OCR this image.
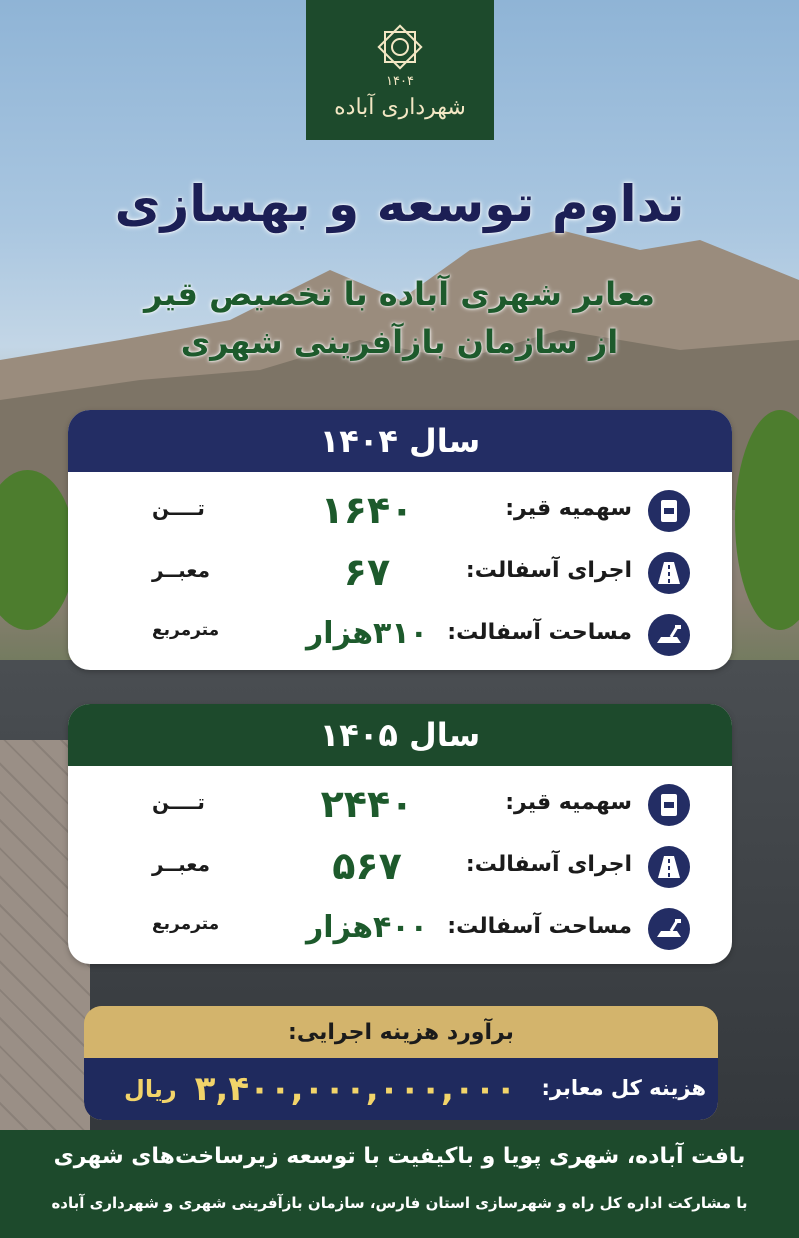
۱۴۰۴
شهرداری آباده
تداوم توسعه و بهسازی
معابر شهری آباده با تخصیص قیر
از سازمان بازآفرینی شهری
سال ۱۴۰۴
سهمیه قیر:
۱۶۴۰
تــــن
اجرای آسفالت:
۶۷
معبــر
مساحت آسفالت:
۳۱۰هزار
مترمربع
سال ۱۴۰۵
سهمیه قیر:
۲۴۴۰
تــــن
اجرای آسفالت:
۵۶۷
معبــر
مساحت آسفالت:
۴۰۰هزار
مترمربع
برآورد هزینه اجرایی:
هزینه کل معابر:
ریال ۳,۴۰۰,۰۰۰,۰۰۰,۰۰۰
بافت آباده، شهری پویا و باکیفیت با توسعه زیرساخت‌های شهری
با مشارکت اداره کل راه و شهرسازی استان فارس، سازمان بازآفرینی شهری و شهرداری آباده
